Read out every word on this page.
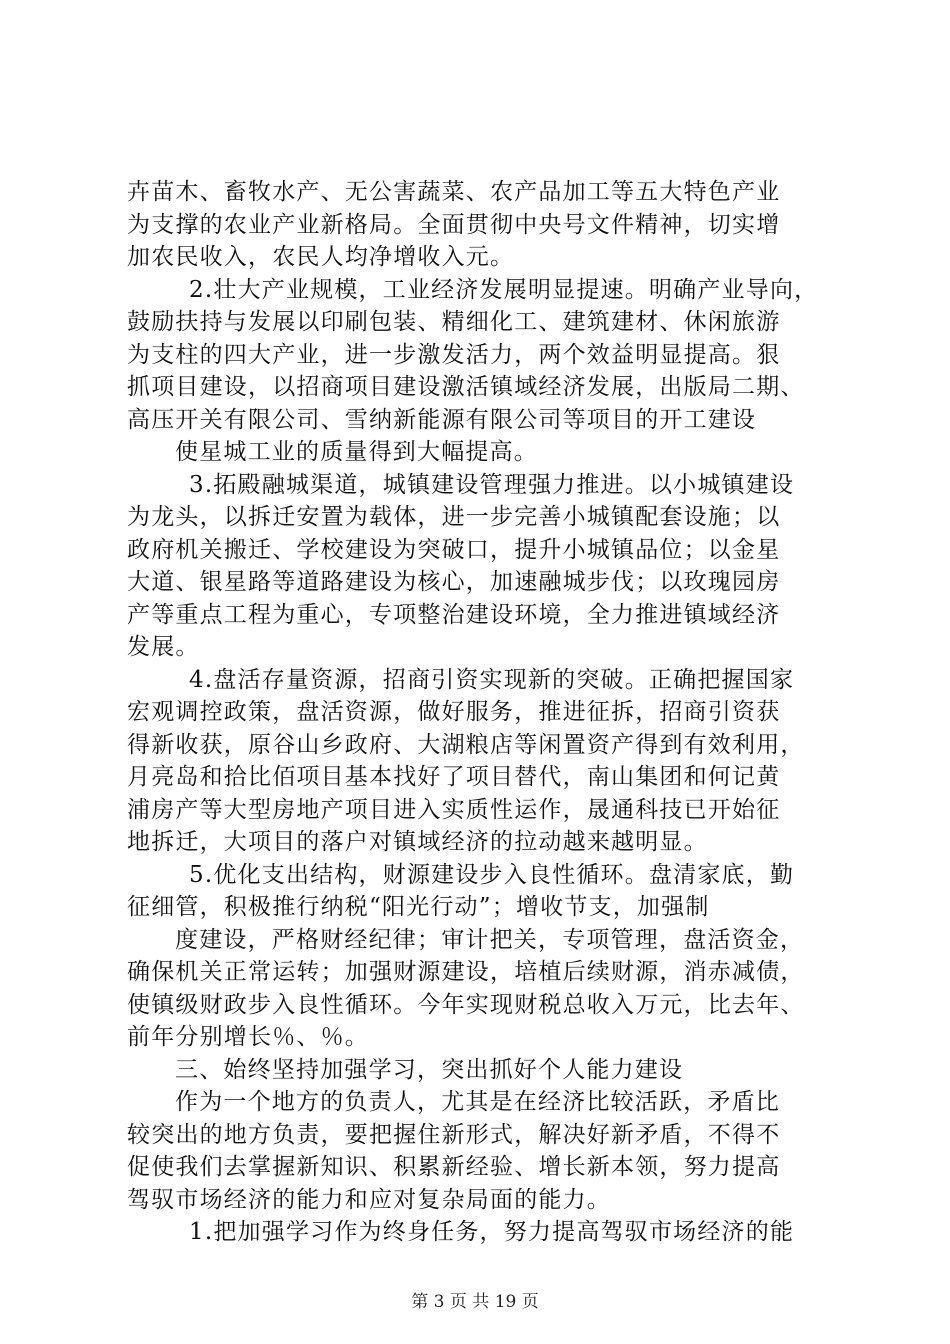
卉苗木、畜牧水产、无公害蔬菜、农产品加工等五大特色产业
为支撑的农业产业新格局。全面贯彻中央号文件精神，切实增
加农民收入，农民人均净增收入元。
2.壮大产业规模，工业经济发展明显提速。明确产业导向，
鼓励扶持与发展以印刷包装、精细化工、建筑建材、休闲旅游
为支柱的四大产业，进一步激发活力，两个效益明显提高。狠
抓项目建设，以招商项目建设激活镇域经济发展，出版局二期、
高压开关有限公司、雪纳新能源有限公司等项目的开工建设
使星城工业的质量得到大幅提高。
3.拓殿融城渠道，城镇建设管理强力推进。以小城镇建设
为龙头，以拆迁安置为载体，进一步完善小城镇配套设施；以
政府机关搬迁、学校建设为突破口，提升小城镇品位；以金星
大道、银星路等道路建设为核心，加速融城步伐；以玫瑰园房
产等重点工程为重心，专项整治建设环境，全力推进镇域经济
发展。
4.盘活存量资源，招商引资实现新的突破。正确把握国家
宏观调控政策，盘活资源，做好服务，推进征拆，招商引资获
得新收获，原谷山乡政府、大湖粮店等闲置资产得到有效利用，
月亮岛和拾比佰项目基本找好了项目替代，南山集团和何记黄
浦房产等大型房地产项目进入实质性运作，晟通科技已开始征
地拆迁，大项目的落户对镇域经济的拉动越来越明显。
5.优化支出结构，财源建设步入良性循环。盘清家底，勤
征细管，积极推行纳税“阳光行动”；增收节支，加强制
度建设，严格财经纪律；审计把关，专项管理，盘活资金，
确保机关正常运转；加强财源建设，培植后续财源，消赤减债，
使镇级财政步入良性循环。今年实现财税总收入万元，比去年、
前年分别增长％、％。
三、始终坚持加强学习，突出抓好个人能力建设
作为一个地方的负责人，尤其是在经济比较活跃，矛盾比
较突出的地方负责，要把握住新形式，解决好新矛盾，不得不
促使我们去掌握新知识、积累新经验、增长新本领，努力提高
驾驭市场经济的能力和应对复杂局面的能力。
1.把加强学习作为终身任务，努力提高驾驭市场经济的能
第 3 页 共 19 页
